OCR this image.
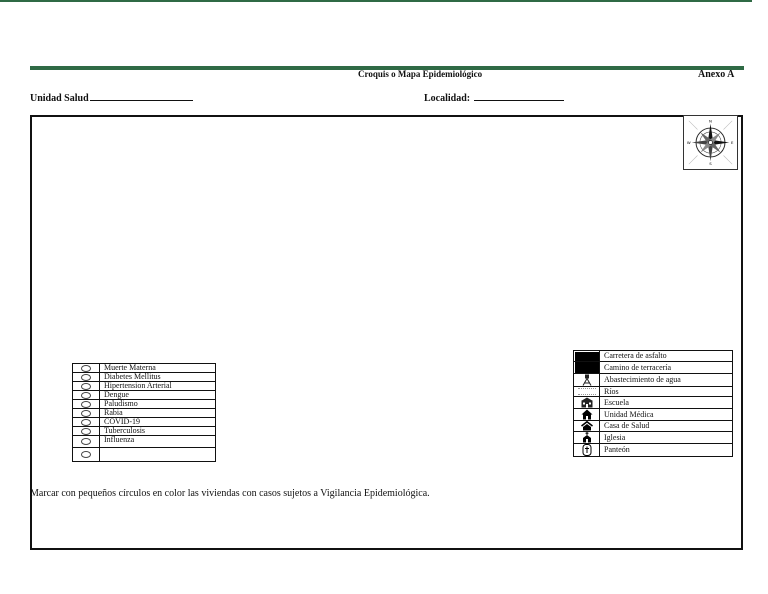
Croquis o Mapa Epidemiológico	Anexo A
Unidad Salud	Localidad:
N
S
E
W
	Muerte Materna
	Diabetes Mellitus
	Hipertension Arterial
	Dengue
	Paludismo
	Rabia
	COVID-19
	Tuberculosis
	Influenza

	Carretera de asfalto
	Camino de terracería
	Abastecimiento de agua
	Ríos
	Escuela
	Unidad Médica
	Casa de Salud
	Iglesia
	Panteón
Marcar con pequeños círculos en color las viviendas con casos sujetos a Vigilancia Epidemiológica.
